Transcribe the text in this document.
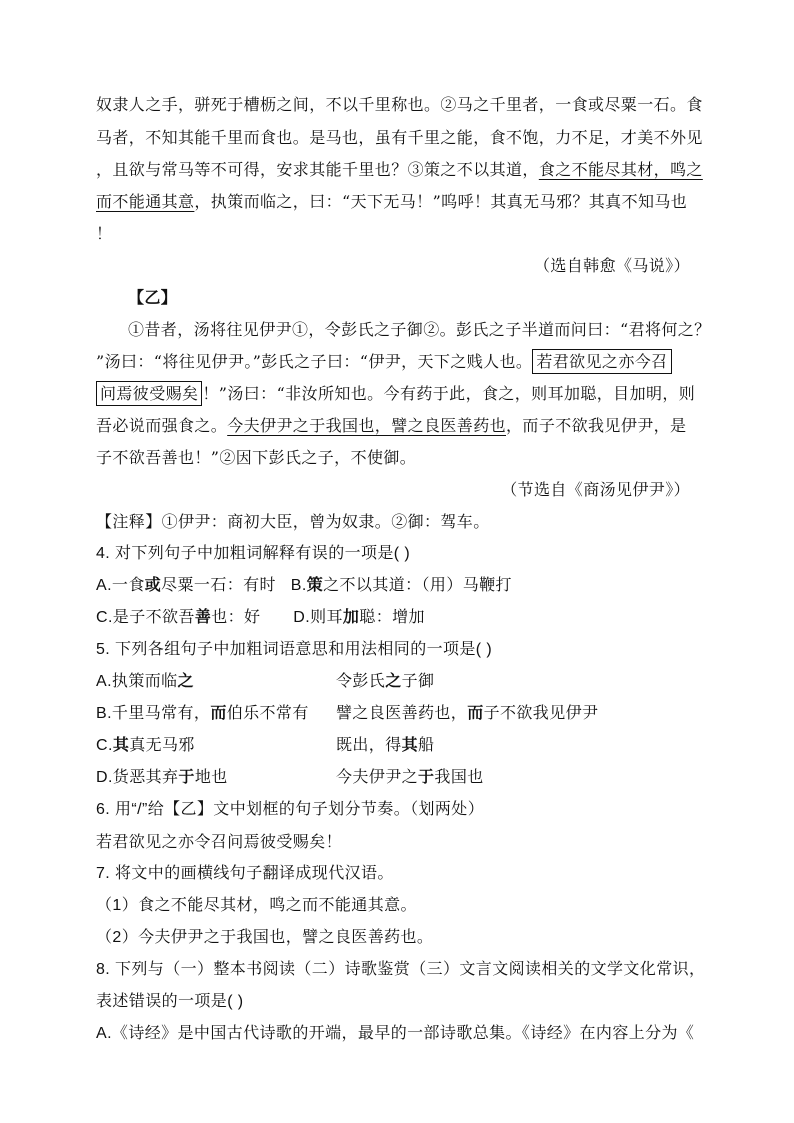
奴隶人之手，骈死于槽枥之间，不以千里称也。②马之千里者，一食或尽粟一石。食
马者，不知其能千里而食也。是马也，虽有千里之能，食不饱，力不足，才美不外见
，且欲与常马等不可得，安求其能千里也？③策之不以其道，食之不能尽其材，鸣之
而不能通其意，执策而临之，曰：“天下无马！”呜呼！其真无马邪？其真不知马也
！
（选自韩愈《马说》）
【乙】
①昔者，汤将往见伊尹①，令彭氏之子御②。彭氏之子半道而问曰：“君将何之？
”汤曰：“将往见伊尹。”彭氏之子曰：“伊尹，天下之贱人也。 若君欲见之亦今召
问焉彼受赐矣 ！”汤曰：“非汝所知也。今有药于此，食之，则耳加聪，目加明，则
吾必说而强食之。今夫伊尹之于我国也，譬之良医善药也，而子不欲我见伊尹，是
子不欲吾善也！”②因下彭氏之子，不使御。
（节选自《商汤见伊尹》）
【注释】①伊尹：商初大臣，曾为奴隶。②御：驾车。
4. 对下列句子中加粗词解释有误的一项是( )
A.一食或尽粟一石：有时 B.策之不以其道：（用）马鞭打
C.是子不欲吾善也：好 D.则耳加聪：增加
5. 下列各组句子中加粗词语意思和用法相同的一项是( )
A.执策而临之	令彭氏之子御
B.千里马常有，而伯乐不常有 譬之良医善药也，而子不欲我见伊尹
C.其真无马邪	既出，得其船
D.货恶其弃于地也	今夫伊尹之于我国也
6. 用“/”给【乙】文中划框的句子划分节奏。（划两处）
若君欲见之亦令召问焉彼受赐矣！
7. 将文中的画横线句子翻译成现代汉语。
（1）食之不能尽其材，鸣之而不能通其意。
（2）今夫伊尹之于我国也，譬之良医善药也。
8. 下列与（一）整本书阅读（二）诗歌鉴赏（三）文言文阅读相关的文学文化常识，
表述错误的一项是( )
A.《诗经》是中国古代诗歌的开端，最早的一部诗歌总集。《诗经》在内容上分为《
